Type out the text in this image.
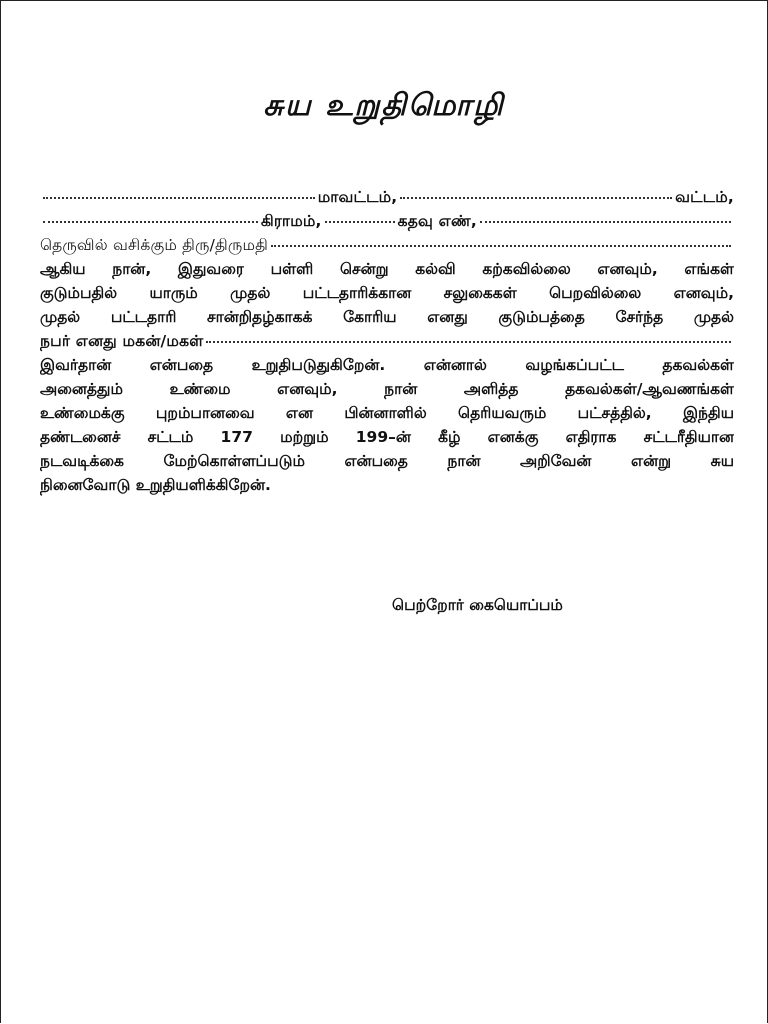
சுய உறுதிமொழி
மாவட்டம்,	வட்டம்,
கிராமம்,	கதவு எண்,
தெருவில் வசிக்கும் திரு/திருமதி
ஆகிய நான், இதுவரை பள்ளி சென்று கல்வி கற்கவில்லை எனவும், எங்கள்
குடும்பதில் யாரும் முதல் பட்டதாரிக்கான சலுகைகள் பெறவில்லை எனவும்,
முதல் பட்டதாரி சான்றிதழ்காகக் கோரிய எனது குடும்பத்தை சேர்ந்த முதல்
நபர் எனது மகன்/மகள்
இவர்தான் என்பதை உறுதிபடுதுகிறேன். என்னால் வழங்கப்பட்ட தகவல்கள்
அனைத்தும் உண்மை எனவும், நான் அளித்த தகவல்கள்/ஆவணங்கள்
உண்மைக்கு புறம்பானவை என பின்னாளில் தெரியவரும் பட்சத்தில், இந்திய
தண்டனைச் சட்டம் 177 மற்றும் 199–ன் கீழ் எனக்கு எதிராக சட்டரீதியான
நடவடிக்கை மேற்கொள்ளப்படும் என்பதை நான் அறிவேன் என்று சுய
நினைவோடு உறுதியளிக்கிறேன்.
பெற்றோர் கையொப்பம்
